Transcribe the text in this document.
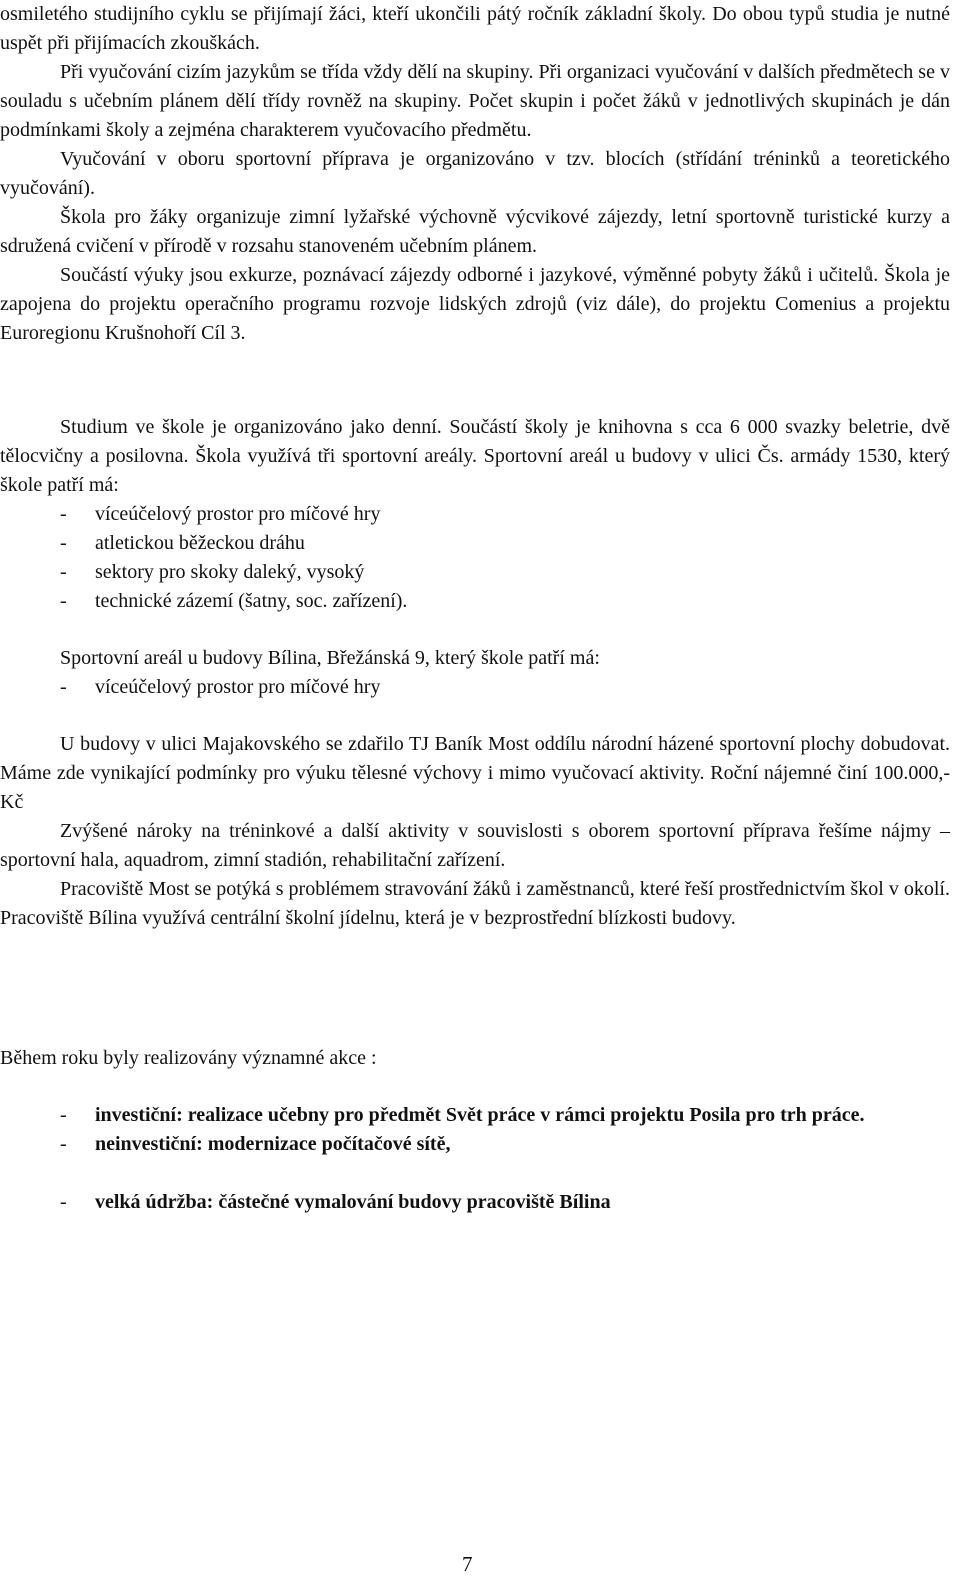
osmiletého studijního cyklu se přijímají žáci, kteří ukončili pátý ročník základní školy. Do obou typů studia je nutné uspět při přijímacích zkouškách.

Při vyučování cizím jazykům se třída vždy dělí na skupiny. Při organizaci vyučování v dalších předmětech se v souladu s učebním plánem dělí třídy rovněž na skupiny. Počet skupin i počet žáků v jednotlivých skupinách je dán podmínkami školy a zejména charakterem vyučovacího předmětu.

Vyučování v oboru sportovní příprava je organizováno v tzv. blocích (střídání tréninků a teoretického vyučování).

Škola pro žáky organizuje zimní lyžařské výchovně výcvikové zájezdy, letní sportovně turistické kurzy a sdružená cvičení v přírodě v rozsahu stanoveném učebním plánem.

Součástí výuky jsou exkurze, poznávací zájezdy odborné i jazykové, výměnné pobyty žáků i učitelů. Škola je zapojena do projektu operačního programu rozvoje lidských zdrojů (viz dále), do projektu Comenius a projektu Euroregionu Krušnohoří Cíl 3.

Studium ve škole je organizováno jako denní. Součástí školy je knihovna s cca 6 000 svazky beletrie, dvě tělocvičny a posilovna. Škola využívá tři sportovní areály. Sportovní areál u budovy v ulici Čs. armády 1530, který škole patří má:

- víceúčelový prostor pro míčové hry
- atletickou běžeckou dráhu
- sektory pro skoky daleký, vysoký
- technické zázemí (šatny, soc. zařízení).

Sportovní areál u budovy Bílina, Břežánská 9, který škole patří má:

- víceúčelový prostor pro míčové hry

U budovy v ulici Majakovského se zdařilo TJ Baník Most oddílu národní házené sportovní plochy dobudovat. Máme zde vynikající podmínky pro výuku tělesné výchovy i mimo vyučovací aktivity. Roční nájemné činí 100.000,- Kč

Zvýšené nároky na tréninkové a další aktivity v souvislosti s oborem sportovní příprava řešíme nájmy – sportovní hala, aquadrom, zimní stadión, rehabilitační zařízení.

Pracoviště Most se potýká s problémem stravování žáků i zaměstnanců, které řeší prostřednictvím škol v okolí. Pracoviště Bílina využívá centrální školní jídelnu, která je v bezprostřední blízkosti budovy.

Během roku byly realizovány významné akce :

- investiční: realizace učebny pro předmět Svět práce v rámci projektu Posila pro trh práce.
- neinvestiční: modernizace počítačové sítě,
- velká údržba: částečné vymalování budovy pracoviště Bílina
7
